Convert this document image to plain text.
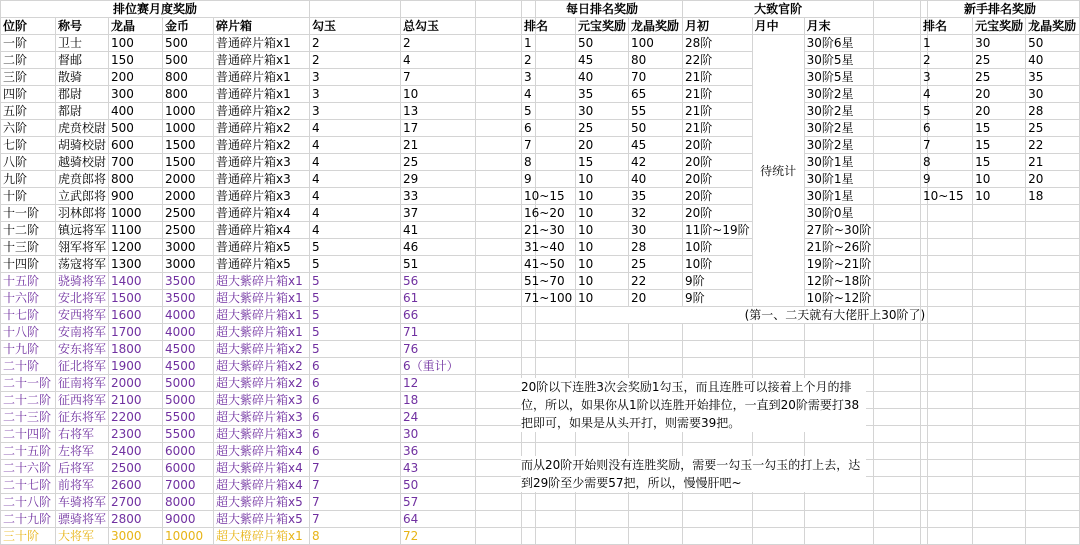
排位赛月度奖励							
位阶	称号	龙晶	金币	碎片箱	勾玉	总勾玉	
一阶	卫士	100	500	普通碎片箱x1	2	2	
二阶	督邮	150	500	普通碎片箱x1	2	4	
三阶	散骑	200	800	普通碎片箱x1	3	7	
四阶	郡尉	300	800	普通碎片箱x1	3	10	
五阶	都尉	400	1000	普通碎片箱x2	3	13	
六阶	虎贲校尉	500	1000	普通碎片箱x2	4	17	
七阶	胡骑校尉	600	1500	普通碎片箱x2	4	21	
八阶	越骑校尉	700	1500	普通碎片箱x3	4	25	
九阶	虎贲郎将	800	2000	普通碎片箱x3	4	29	
十阶	立武郎将	900	2000	普通碎片箱x3	4	33	
十一阶	羽林郎将	1000	2500	普通碎片箱x4	4	37	
十二阶	镇远将军	1100	2500	普通碎片箱x4	4	41	
十三阶	翎军将军	1200	3000	普通碎片箱x5	5	46	
十四阶	荡寇将军	1300	3000	普通碎片箱x5	5	51	
十五阶	骁骑将军	1400	3500	超大紫碎片箱x1	5	56	
十六阶	安北将军	1500	3500	超大紫碎片箱x1	5	61	
十七阶	安西将军	1600	4000	超大紫碎片箱x1	5	66	
十八阶	安南将军	1700	4000	超大紫碎片箱x1	5	71	
十九阶	安东将军	1800	4500	超大紫碎片箱x2	5	76	
二十阶	征北将军	1900	4500	超大紫碎片箱x2	6	6（重计）	
二十一阶	征南将军	2000	5000	超大紫碎片箱x2	6	12	
二十二阶	征西将军	2100	5000	超大紫碎片箱x3	6	18	
二十三阶	征东将军	2200	5500	超大紫碎片箱x3	6	24	
二十四阶	右将军	2300	5500	超大紫碎片箱x3	6	30	
二十五阶	左将军	2400	6000	超大紫碎片箱x4	6	36	
二十六阶	后将军	2500	6000	超大紫碎片箱x4	7	43	
二十七阶	前将军	2600	7000	超大紫碎片箱x4	7	50	
二十八阶	车骑将军	2700	8000	超大紫碎片箱x5	7	57	
二十九阶	骠骑将军	2800	9000	超大紫碎片箱x5	7	64	
三十阶	大将军	3000	10000	超大橙碎片箱x1	8	72	
每日排名奖励			大致官阶			
排名	元宝奖励	龙晶奖励	月初	月中	月末	
1	50	100	28阶	待统计	30阶6星	
2	45	80	22阶		30阶5星	
3	40	70	21阶		30阶5星	
4	35	65	21阶		30阶2星	
5	30	55	21阶		30阶2星	
6	25	50	21阶		30阶2星	
7	20	45	20阶		30阶2星	
8	15	42	20阶		30阶1星	
9	10	40	20阶		30阶1星	
10~15	10	35	20阶		30阶1星	
16~20	10	32	20阶		30阶0星	
21~30	10	30	11阶~19阶		27阶~30阶	
31~40	10	28	10阶		21阶~26阶	
41~50	10	25	10阶		19阶~21阶	
51~70	10	22	9阶		12阶~18阶	
71~100	10	20	9阶		10阶~12阶	
	(第一、二天就有大佬肝上30阶了)					

新手排名奖励		
排名	元宝奖励	龙晶奖励
1	30	50
2	25	40
3	25	35
4	20	30
5	20	28
6	15	25
7	15	22
8	15	21
9	10	20
10~15	10	18

20阶以下连胜3次会奖励1勾玉，而且连胜可以接着上个月的排位，所以，如果你从1阶以连胜开始排位，一直到20阶需要打38把即可，如果是从头开打，则需要39把。
而从20阶开始则没有连胜奖励，需要一勾玉一勾玉的打上去，达到29阶至少需要57把，所以，慢慢肝吧~
